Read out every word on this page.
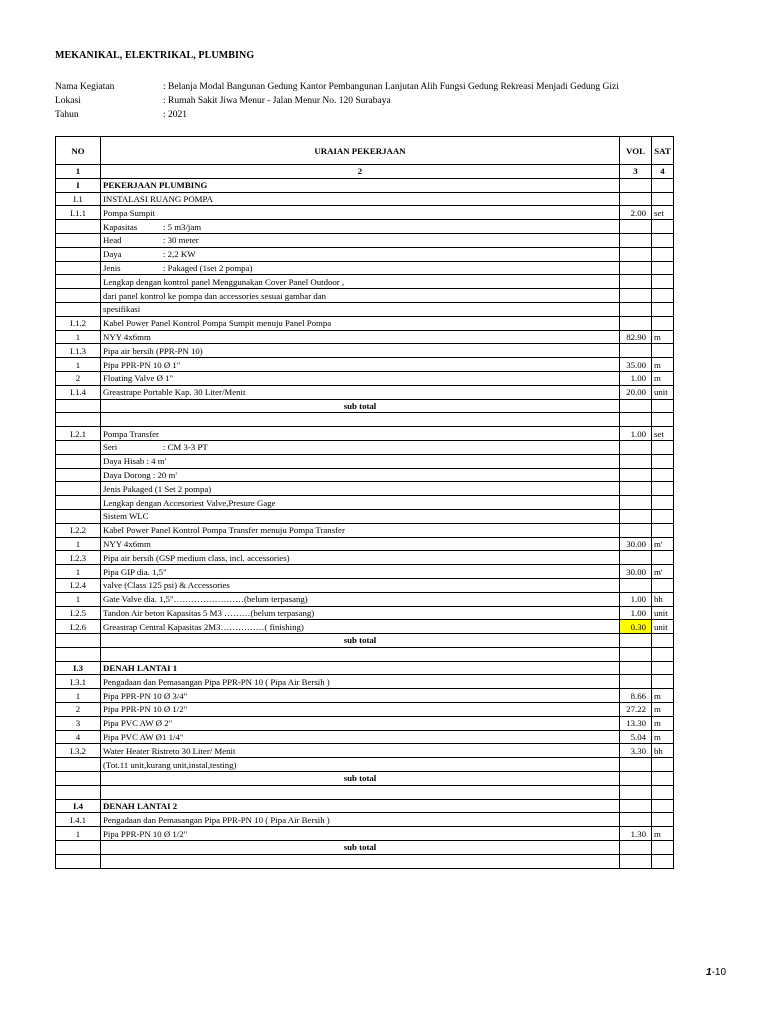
MEKANIKAL, ELEKTRIKAL, PLUMBING
Nama Kegiatan	: Belanja Modal Bangunan Gedung Kantor Pembangunan Lanjutan Alih Fungsi Gedung Rekreasi Menjadi Gedung Gizi
Lokasi	: Rumah Sakit Jiwa Menur - Jalan Menur No. 120 Surabaya
Tahun	: 2021
NO	URAIAN PEKERJAAN	VOL	SAT
1	2	3	4
I	PEKERJAAN PLUMBING		
I.1	INSTALASI RUANG POMPA		
I.1.1	Pompa Sumpit	2.00	set
	Kapasitas : 5 m3/jam		
	Head : 30 meter		
	Daya : 2,2 KW		
	Jenis : Pakaged (1set 2 pompa)		
	Lengkap dengan kontrol panel Menggunakan Cover Panel Outdoor ,		
	dari panel kontrol ke pompa dan accessories sesuai gambar dan		
	spesifikasi		
I.1.2	Kabel Power Panel Kontrol Pompa Sumpit menuju Panel Pompa		
1	NYY 4x6mm	82.90	m
I.1.3	Pipa air bersih (PPR-PN 10)		
1	Pipa PPR-PN 10 Ø 1"	35.00	m
2	Floating Valve Ø 1"	1.00	m
I.1.4	Greastrape Portable Kap. 30 Liter/Menit	20.00	unit
	sub total		

I.2.1	Pompa Transfer	1.00	set
	Seri : CM 3-3 PT		
	Daya Hisab : 4 m'		
	Daya Dorong : 20 m'		
	Jenis Pakaged (1 Set 2 pompa)		
	Lengkap dengan Accesoriest Valve,Presure Gage		
	Sistem WLC		
I.2.2	Kabel Power Panel Kontrol Pompa Transfer menuju Pompa Transfer		
1	NYY 4x6mm	30.00	m'
I.2.3	Pipa air bersih (GSP medium class, incl. accessories)		
1	Pipa GIP dia. 1,5"	30.00	m'
I.2.4	valve (Class 125 psi) & Accessories		
1	Gate Valve dia. 1,5"……………………(belum terpasang)	1.00	bh
I.2.5	Tandon Air beton Kapasitas 5 M3 ………(belum terpasang)	1.00	unit
I.2.6	Greastrap Central Kapasitas 2M3……………( finishing)	0.30	unit
	sub total		

I.3	DENAH LANTAI 1		
I.3.1	Pengadaan dan Pemasangan Pipa PPR-PN 10 ( Pipa Air Bersih )		
1	Pipa PPR-PN 10 Ø 3/4"	8.66	m
2	Pipa PPR-PN 10 Ø 1/2"	27.22	m
3	Pipa PVC AW Ø 2"	13.30	m
4	Pipa PVC AW Ø1 1/4"	5.04	m
I.3.2	Water Heater Ristreto 30 Liter/ Menit	3.30	bh
	(Tot.11 unit,kurang unit,instal,testing)		
	sub total		

I.4	DENAH LANTAI 2		
I.4.1	Pengadaan dan Pemasangan Pipa PPR-PN 10 ( Pipa Air Bersih )		
1	Pipa PPR-PN 10 Ø 1/2"	1.30	m
	sub total		

1-10
